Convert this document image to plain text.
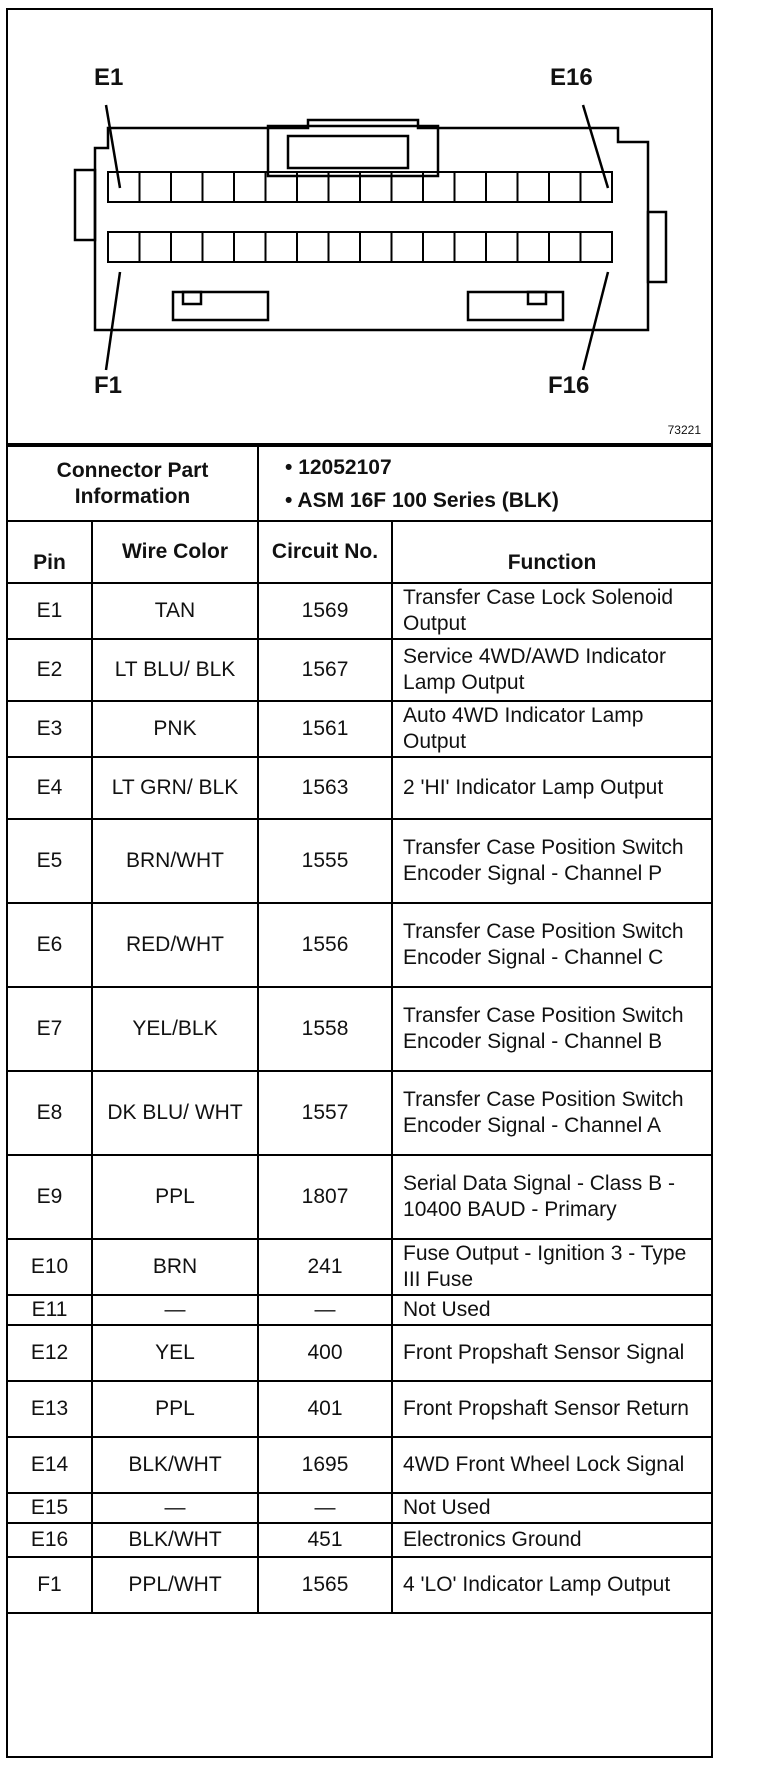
E1	E16
F1	F16
73221
Connector Part Information		• 12052107
• ASM 16F 100 Series (BLK)	

Pin	Wire Color	Circuit No.	Function
E1	TAN	1569	Transfer Case Lock Solenoid Output
E2	LT BLU/ BLK	1567	Service 4WD/AWD Indicator Lamp Output
E3	PNK	1561	Auto 4WD Indicator Lamp Output
E4	LT GRN/ BLK	1563	2 'HI' Indicator Lamp Output
E5	BRN/WHT	1555	Transfer Case Position Switch Encoder Signal - Channel P
E6	RED/WHT	1556	Transfer Case Position Switch Encoder Signal - Channel C
E7	YEL/BLK	1558	Transfer Case Position Switch Encoder Signal - Channel B
E8	DK BLU/ WHT	1557	Transfer Case Position Switch Encoder Signal - Channel A
E9	PPL	1807	Serial Data Signal - Class B - 10400 BAUD - Primary
E10	BRN	241	Fuse Output - Ignition 3 - Type III Fuse
E11	—	—	Not Used
E12	YEL	400	Front Propshaft Sensor Signal
E13	PPL	401	Front Propshaft Sensor Return
E14	BLK/WHT	1695	4WD Front Wheel Lock Signal
E15	—	—	Not Used
E16	BLK/WHT	451	Electronics Ground
F1	PPL/WHT	1565	4 'LO' Indicator Lamp Output
